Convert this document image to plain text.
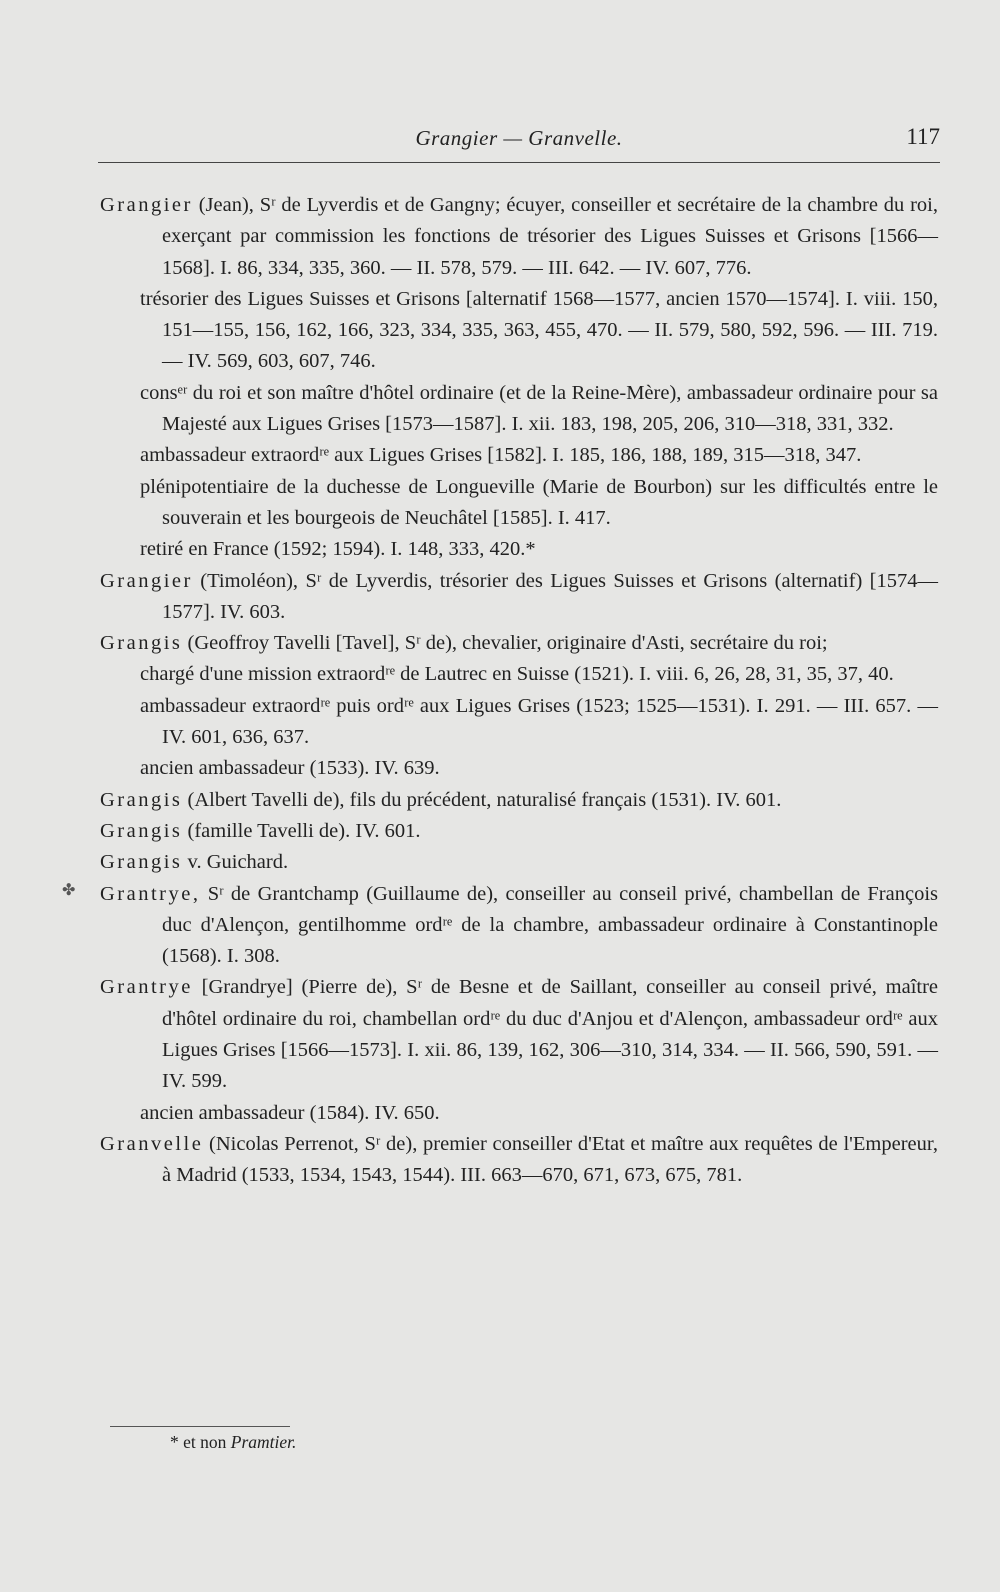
Grangier — Granvelle.	117
Grangier (Jean), Sʳ de Lyverdis et de Gangny; écuyer, conseiller et secrétaire de la chambre du roi, exerçant par commission les fonctions de trésorier des Ligues Suisses et Grisons [1566—1568]. I. 86, 334, 335, 360. — II. 578, 579. — III. 642. — IV. 607, 776.
trésorier des Ligues Suisses et Grisons [alternatif 1568—1577, ancien 1570—1574]. I. viii. 150, 151—155, 156, 162, 166, 323, 334, 335, 363, 455, 470. — II. 579, 580, 592, 596. — III. 719. — IV. 569, 603, 607, 746.
consᵉʳ du roi et son maître d'hôtel ordinaire (et de la Reine-Mère), ambassadeur ordinaire pour sa Majesté aux Ligues Grises [1573—1587]. I. xii. 183, 198, 205, 206, 310—318, 331, 332.
ambassadeur extraordʳᵉ aux Ligues Grises [1582]. I. 185, 186, 188, 189, 315—318, 347.
plénipotentiaire de la duchesse de Longueville (Marie de Bourbon) sur les difficultés entre le souverain et les bourgeois de Neuchâtel [1585]. I. 417.
retiré en France (1592; 1594). I. 148, 333, 420.*
Grangier (Timoléon), Sʳ de Lyverdis, trésorier des Ligues Suisses et Grisons (alternatif) [1574—1577]. IV. 603.
Grangis (Geoffroy Tavelli [Tavel], Sʳ de), chevalier, originaire d'Asti, secrétaire du roi;
chargé d'une mission extraordʳᵉ de Lautrec en Suisse (1521). I. viii. 6, 26, 28, 31, 35, 37, 40.
ambassadeur extraordʳᵉ puis ordʳᵉ aux Ligues Grises (1523; 1525—1531). I. 291. — III. 657. — IV. 601, 636, 637.
ancien ambassadeur (1533). IV. 639.
Grangis (Albert Tavelli de), fils du précédent, naturalisé français (1531). IV. 601.
Grangis (famille Tavelli de). IV. 601.
Grangis v. Guichard.
Grantrye, Sʳ de Grantchamp (Guillaume de), conseiller au conseil privé, chambellan de François duc d'Alençon, gentilhomme ordʳᵉ de la chambre, ambassadeur ordinaire à Constantinople (1568). I. 308.
Grantrye [Grandrye] (Pierre de), Sʳ de Besne et de Saillant, conseiller au conseil privé, maître d'hôtel ordinaire du roi, chambellan ordʳᵉ du duc d'Anjou et d'Alençon, ambassadeur ordʳᵉ aux Ligues Grises [1566—1573]. I. xii. 86, 139, 162, 306—310, 314, 334. — II. 566, 590, 591. — IV. 599.
ancien ambassadeur (1584). IV. 650.
Granvelle (Nicolas Perrenot, Sʳ de), premier conseiller d'Etat et maître aux requêtes de l'Empereur, à Madrid (1533, 1534, 1543, 1544). III. 663—670, 671, 673, 675, 781.
✤
* et non Pramtier.
